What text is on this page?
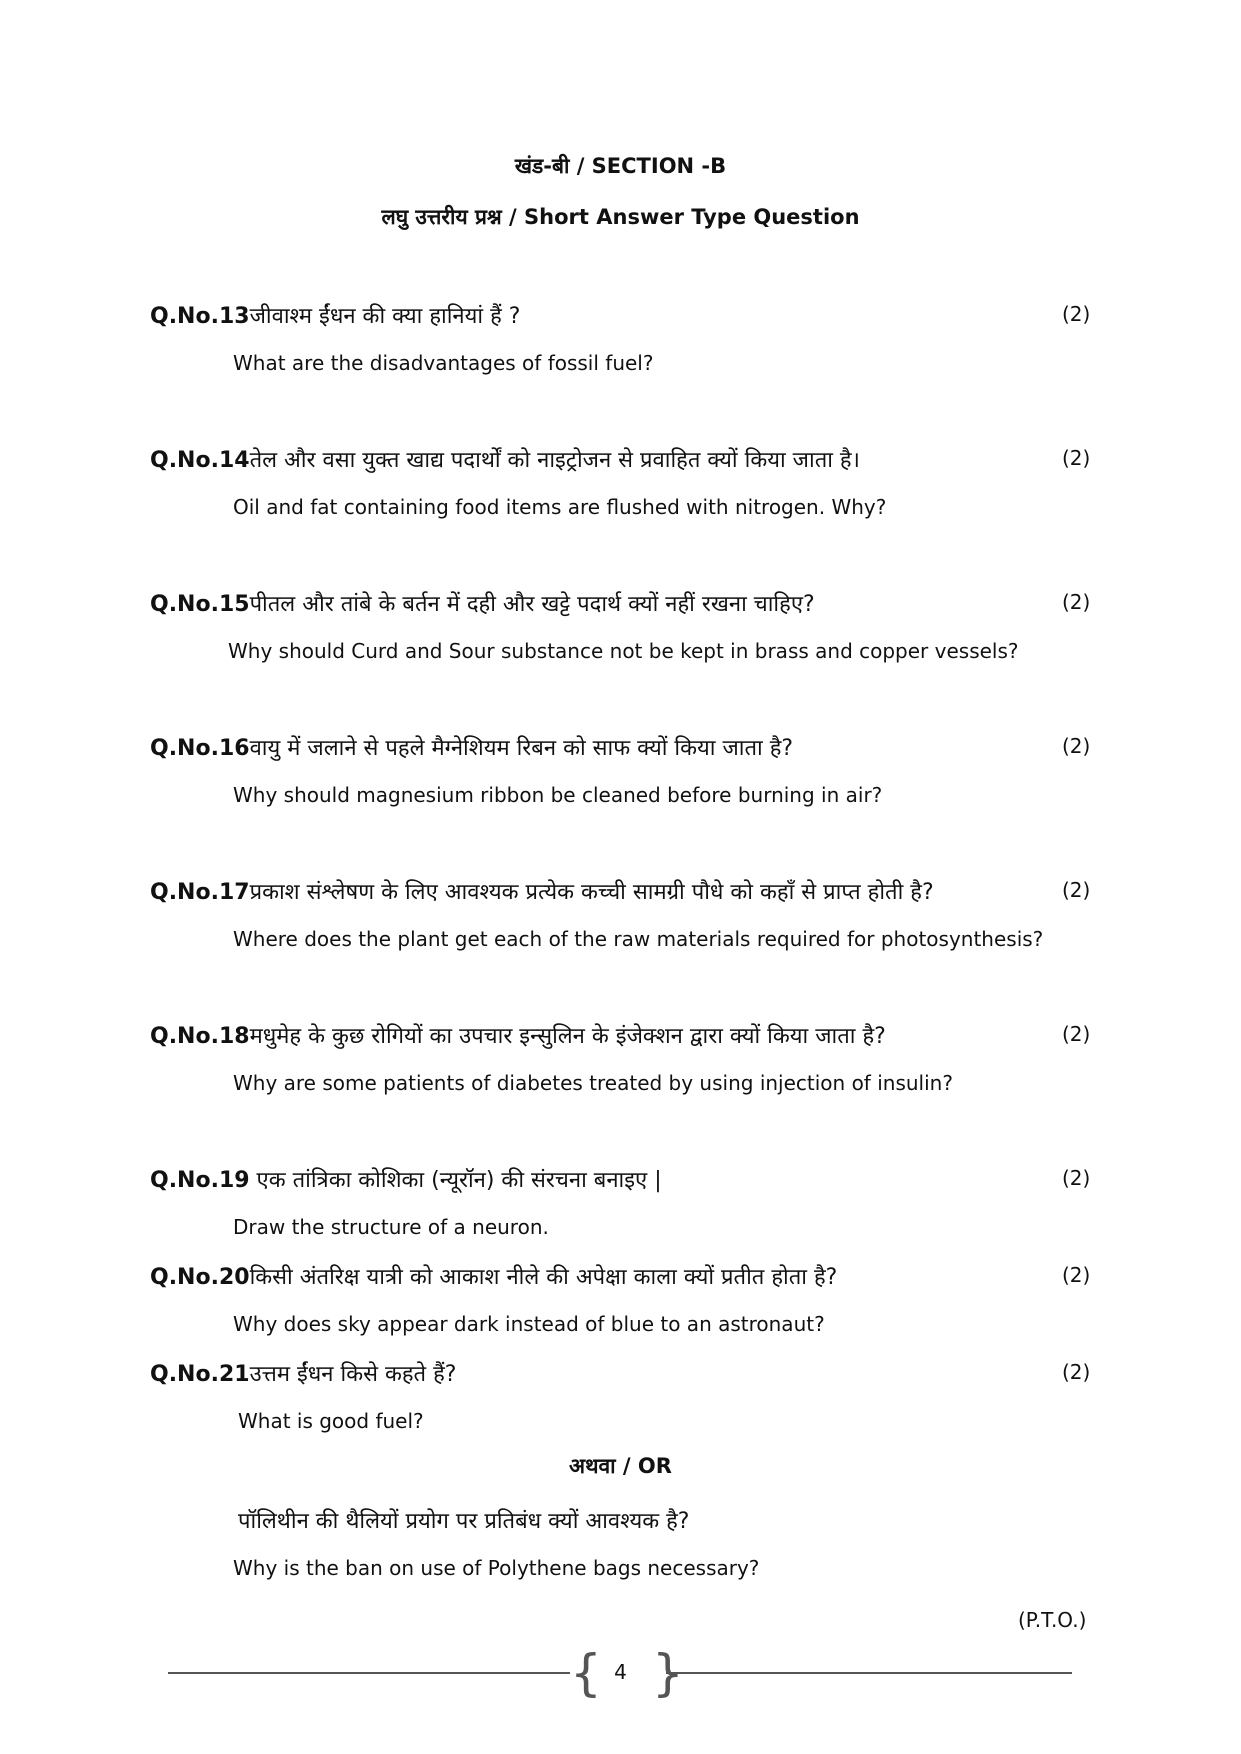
खंड-बी / SECTION -B
लघु उत्तरीय प्रश्न / Short Answer Type Question
Q.No.13जीवाश्म ईंधन की क्या हानियां हैं ?	(2)
What are the disadvantages of fossil fuel?
Q.No.14तेल और वसा युक्त खाद्य पदार्थों को नाइट्रोजन से प्रवाहित क्यों किया जाता है।	(2)
Oil and fat containing food items are flushed with nitrogen. Why?
Q.No.15पीतल और तांबे के बर्तन में दही और खट्टे पदार्थ क्यों नहीं रखना चाहिए?	(2)
Why should Curd and Sour substance not be kept in brass and copper vessels?
Q.No.16वायु में जलाने से पहले मैग्नेशियम रिबन को साफ क्यों किया जाता है?	(2)
Why should magnesium ribbon be cleaned before burning in air?
Q.No.17प्रकाश संश्लेषण के लिए आवश्यक प्रत्येक कच्ची सामग्री पौधे को कहाँ से प्राप्त होती है?	(2)
Where does the plant get each of the raw materials required for photosynthesis?
Q.No.18मधुमेह के कुछ रोगियों का उपचार इन्सुलिन के इंजेक्शन द्वारा क्यों किया जाता है?	(2)
Why are some patients of diabetes treated by using injection of insulin?
Q.No.19 एक तांत्रिका कोशिका (न्यूरॉन) की संरचना बनाइए |	(2)
Draw the structure of a neuron.
Q.No.20किसी अंतरिक्ष यात्री को आकाश नीले की अपेक्षा काला क्यों प्रतीत होता है?	(2)
Why does sky appear dark instead of blue to an astronaut?
Q.No.21उत्तम ईंधन किसे कहते हैं?	(2)
What is good fuel?
अथवा / OR
पॉलिथीन की थैलियों प्रयोग पर प्रतिबंध क्यों आवश्यक है?
Why is the ban on use of Polythene bags necessary?
(P.T.O.)
{ }
4
